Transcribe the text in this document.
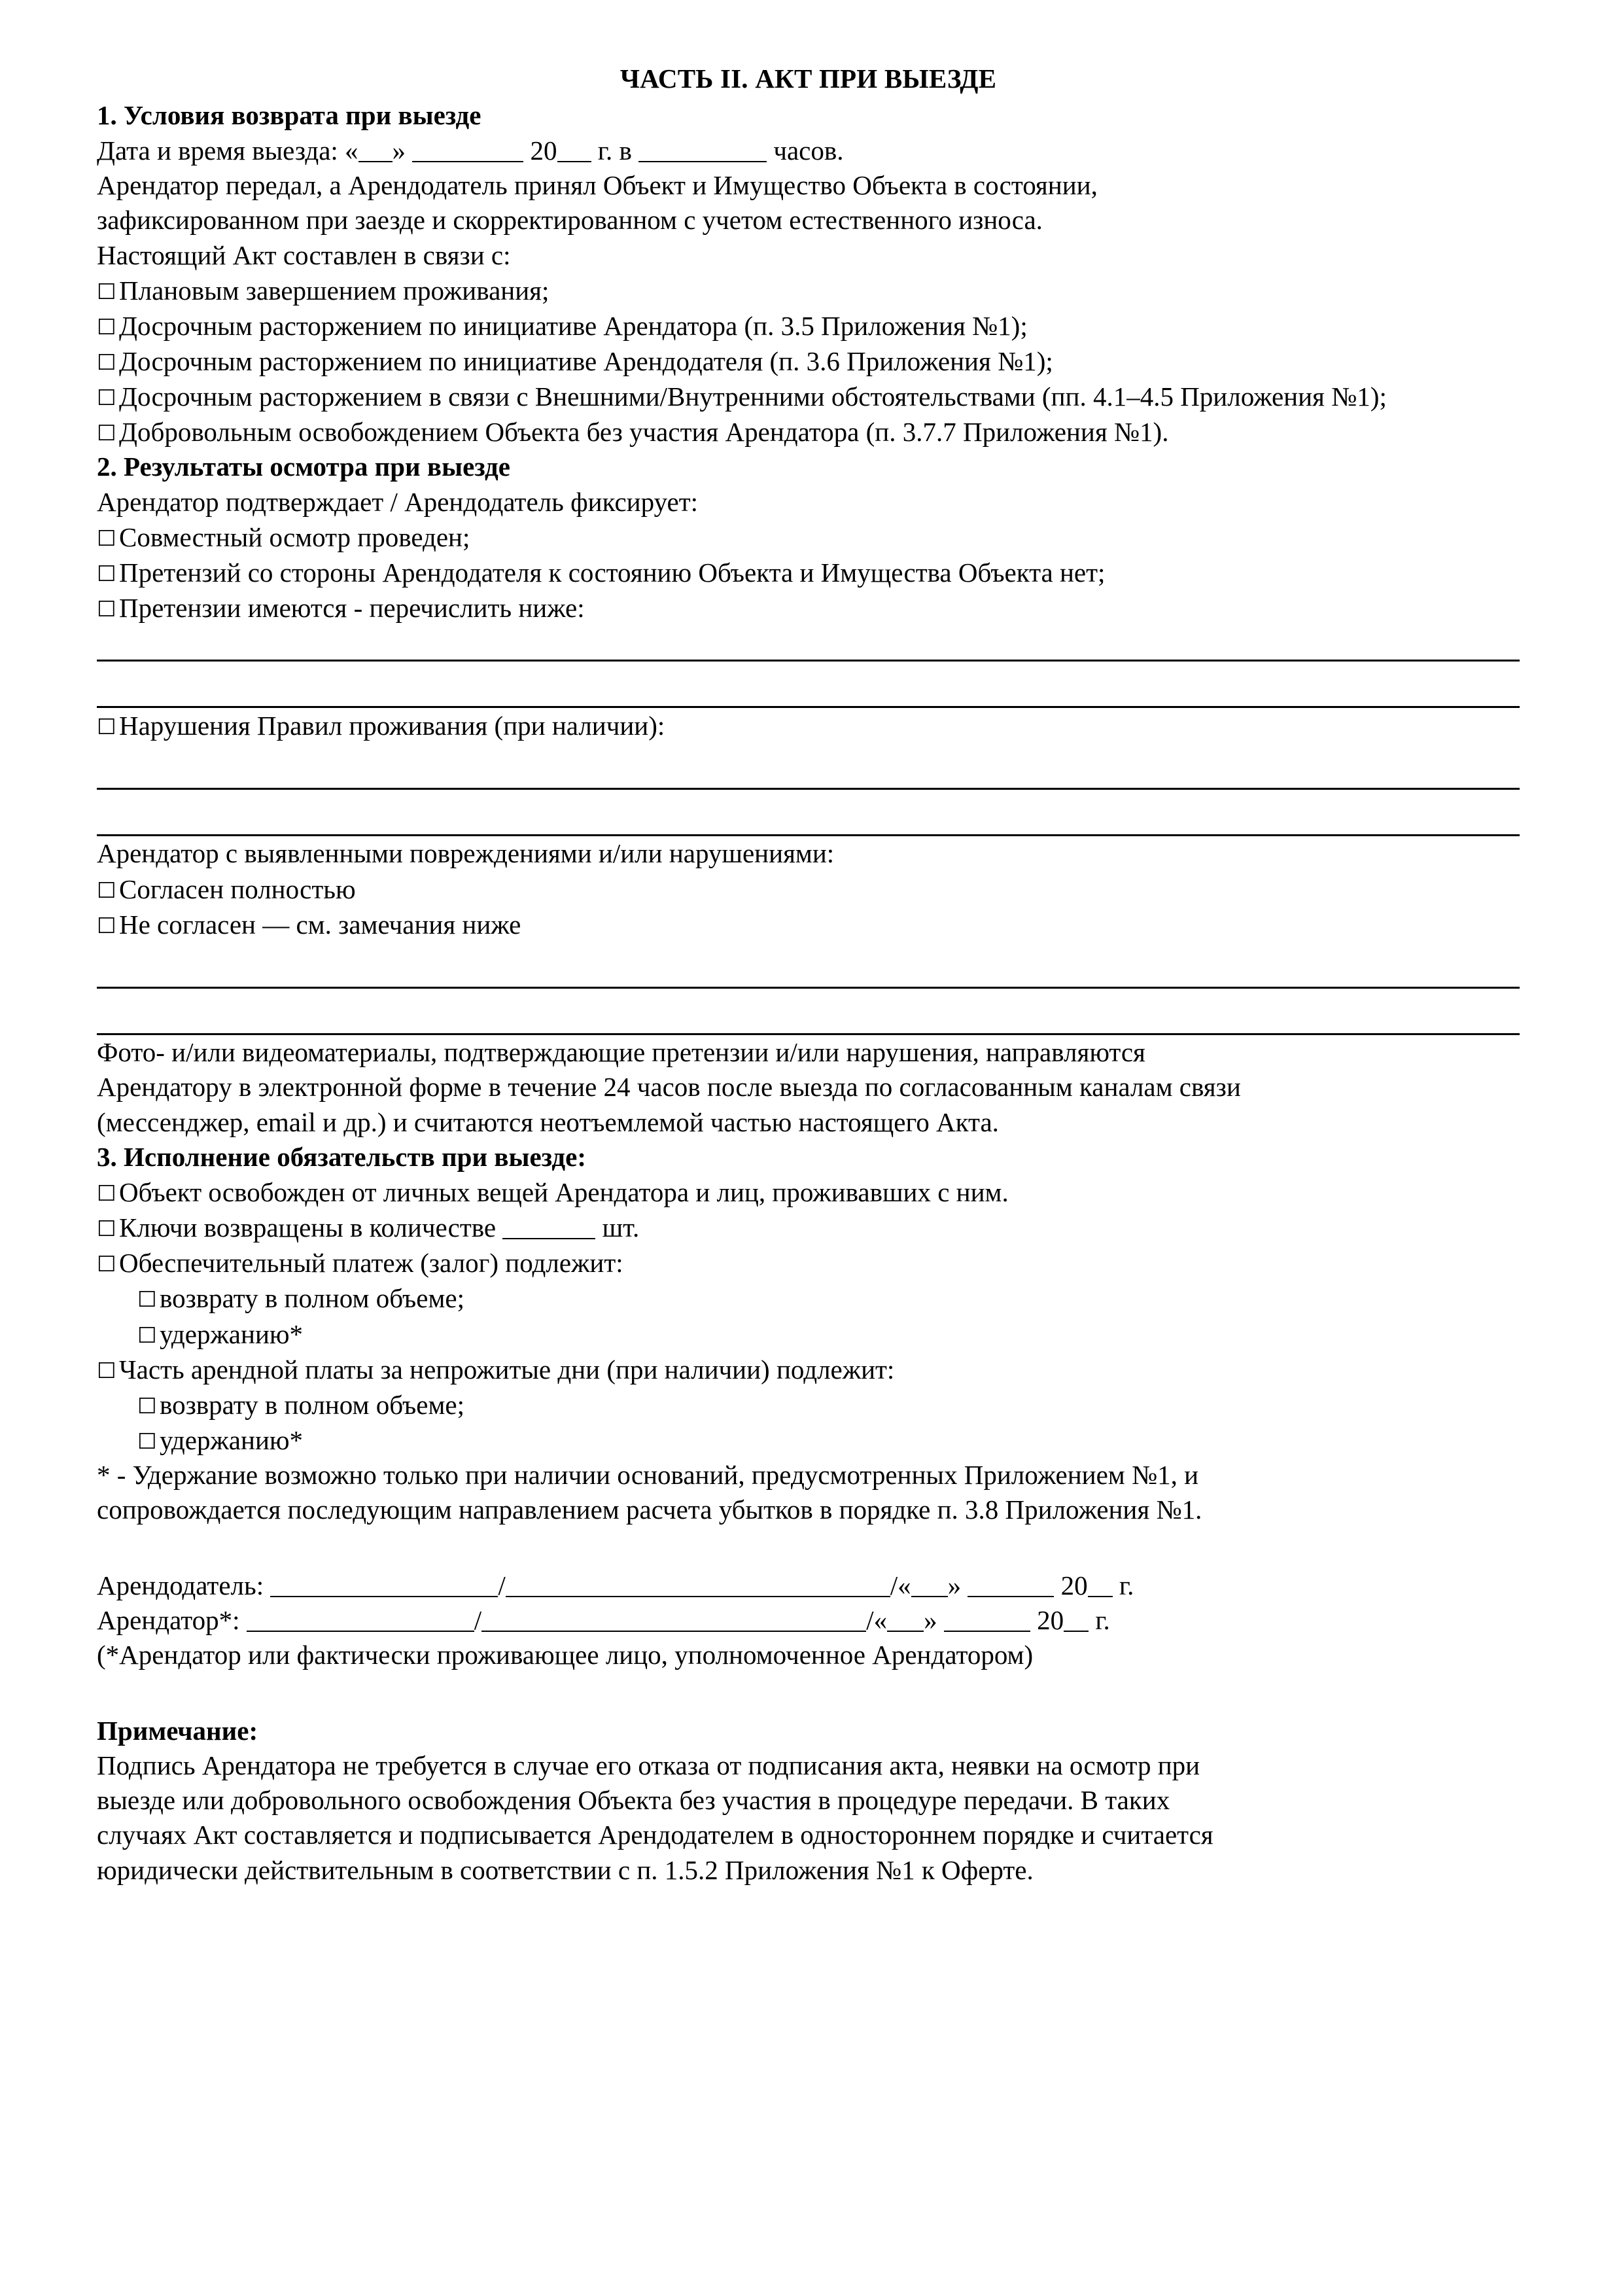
ЧАСТЬ II. АКТ ПРИ ВЫЕЗДЕ
1. Условия возврата при выезде
Дата и время выезда: « »	20 г. в	часов.
Арендатор передал, а Арендодатель принял Объект и Имущество Объекта в состоянии,
зафиксированном при заезде и скорректированном с учетом естественного износа.
Настоящий Акт составлен в связи с:
☐ Плановым завершением проживания;
☐ Досрочным расторжением по инициативе Арендатора (п. 3.5 Приложения №1);
☐ Досрочным расторжением по инициативе Арендодателя (п. 3.6 Приложения №1);
☐ Досрочным расторжением в связи с Внешними/Внутренними обстоятельствами (пп. 4.1–4.5 Приложения №1);
☐ Добровольным освобождением Объекта без участия Арендатора (п. 3.7.7 Приложения №1).
2. Результаты осмотра при выезде
Арендатор подтверждает / Арендодатель фиксирует:
☐ Совместный осмотр проведен;
☐ Претензий со стороны Арендодателя к состоянию Объекта и Имущества Объекта нет;
☐ Претензии имеются - перечислить ниже:
☐ Нарушения Правил проживания (при наличии):
Арендатор с выявленными повреждениями и/или нарушениями:
☐ Согласен полностью
☐ Не согласен — см. замечания ниже
Фото- и/или видеоматериалы, подтверждающие претензии и/или нарушения, направляются
Арендатору в электронной форме в течение 24 часов после выезда по согласованным каналам связи
(мессенджер, email и др.) и считаются неотъемлемой частью настоящего Акта.
3. Исполнение обязательств при выезде:
☐ Объект освобожден от личных вещей Арендатора и лиц, проживавших с ним.
☐ Ключи возвращены в количестве	шт.
☐ Обеспечительный платеж (залог) подлежит:
☐ возврату в полном объеме;
☐ удержанию*
☐ Часть арендной платы за непрожитые дни (при наличии) подлежит:
☐ возврату в полном объеме;
☐ удержанию*
* - Удержание возможно только при наличии оснований, предусмотренных Приложением №1, и
сопровождается последующим направлением расчета убытков в порядке п. 3.8 Приложения №1.
Арендодатель:	/	/« »	20 г.
Арендатор*:	/	/« »	20 г.
(*Арендатор или фактически проживающее лицо, уполномоченное Арендатором)
Примечание:
Подпись Арендатора не требуется в случае его отказа от подписания акта, неявки на осмотр при
выезде или добровольного освобождения Объекта без участия в процедуре передачи. В таких
случаях Акт составляется и подписывается Арендодателем в одностороннем порядке и считается
юридически действительным в соответствии с п. 1.5.2 Приложения №1 к Оферте.
